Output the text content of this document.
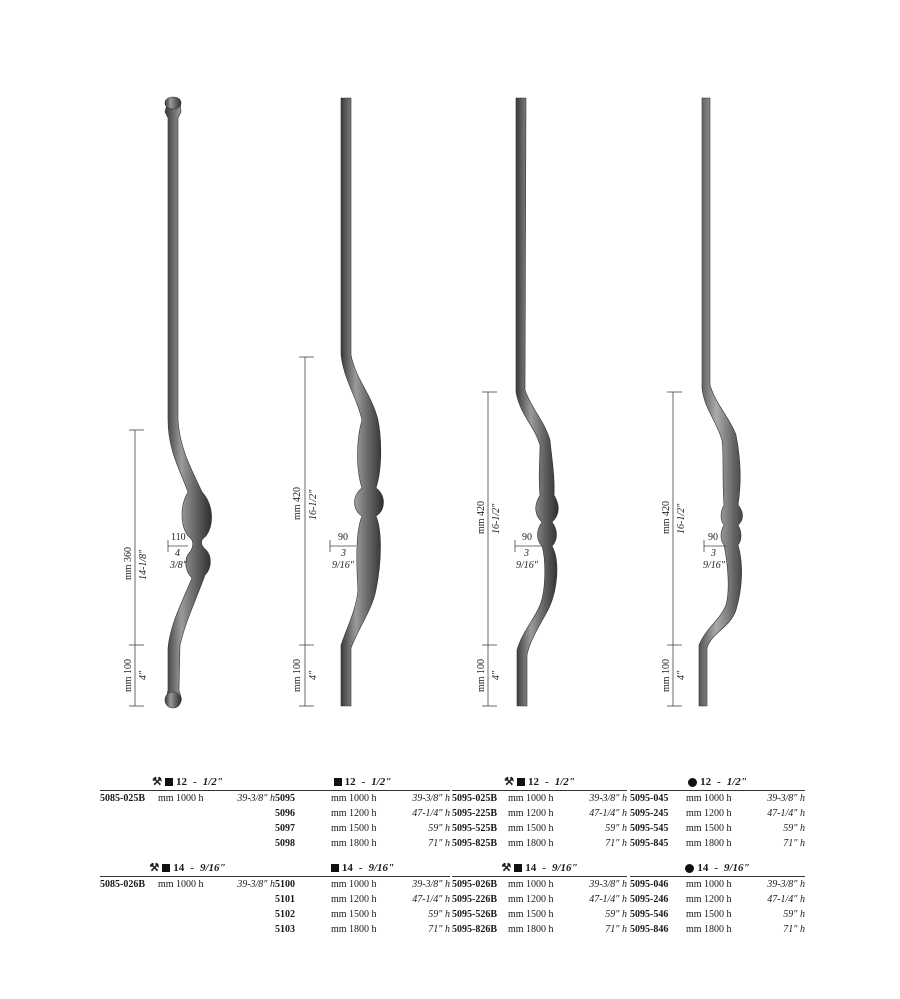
mm 360 14-1/8"
mm 100 4"
110
4
3/8"
mm 420 16-1/2"
mm 100 4"
90
3
9/16"
mm 420 16-1/2"
mm 100 4"
90
3
9/16"
mm 420 16-1/2"
mm 100 4"
90
3
9/16"
⚒ 12 - 1/2"
5085-025B mm 1000 h	39-3/8" h
⚒ 14 - 9/16"
5085-026B mm 1000 h	39-3/8" h
12 - 1/2"
5095	mm 1000 h	39-3/8" h
5096	mm 1200 h	47-1/4" h
5097	mm 1500 h	59" h
5098	mm 1800 h	71" h
14 - 9/16"
5100	mm 1000 h	39-3/8" h
5101	mm 1200 h	47-1/4" h
5102	mm 1500 h	59" h
5103	mm 1800 h	71" h
⚒ 12 - 1/2"
5095-025B mm 1000 h	39-3/8" h
5095-225B mm 1200 h	47-1/4" h
5095-525B mm 1500 h	59" h
5095-825B mm 1800 h	71" h
⚒ 14 - 9/16"
5095-026B mm 1000 h	39-3/8" h
5095-226B mm 1200 h	47-1/4" h
5095-526B mm 1500 h	59" h
5095-826B mm 1800 h	71" h
12 - 1/2"
5095-045 mm 1000 h	39-3/8" h
5095-245 mm 1200 h	47-1/4" h
5095-545 mm 1500 h	59" h
5095-845 mm 1800 h	71" h
14 - 9/16"
5095-046 mm 1000 h	39-3/8" h
5095-246 mm 1200 h	47-1/4" h
5095-546 mm 1500 h	59" h
5095-846 mm 1800 h	71" h
